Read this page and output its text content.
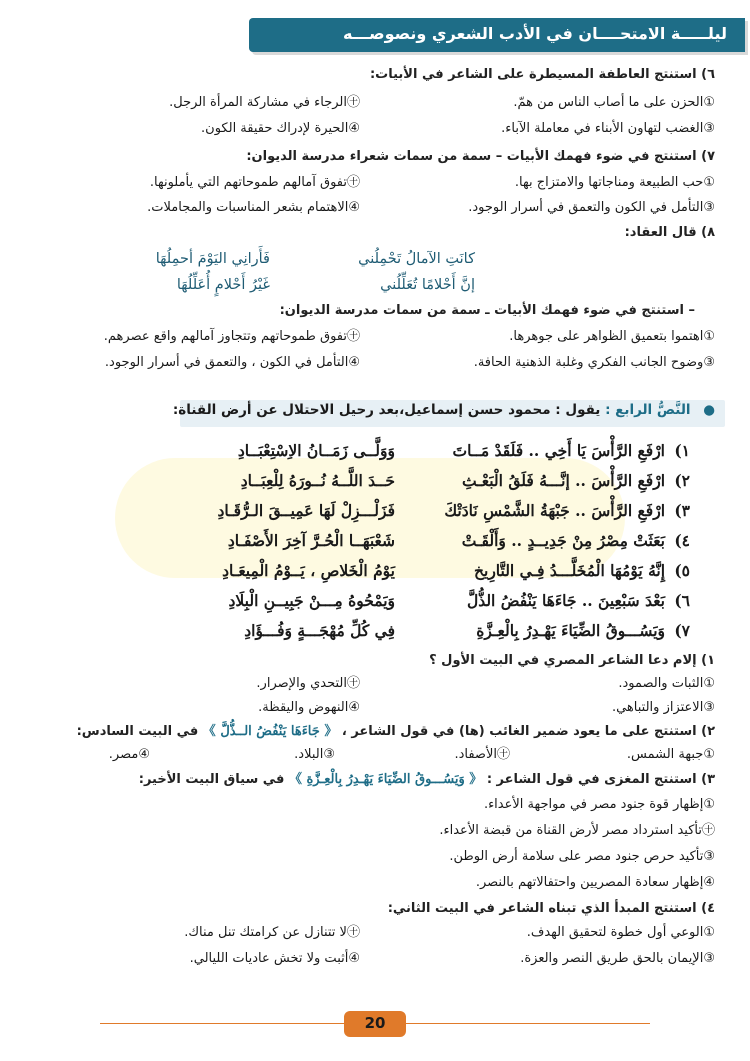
ليلـــــة الامتحــــان في الأدب الشعري ونصوصـــه
٦) استنتج العاطفة المسيطرة على الشاعر في الأبيات:
①الحزن على ما أصاب الناس من همّ.
㊉الرجاء في مشاركة المرأة الرجل.
③الغضب لتهاون الأبناء في معاملة الآباء.
④الحيرة لإدراك حقيقة الكون.
٧) استنتج في ضوء فهمك الأبيات – سمة من سمات شعراء مدرسة الديوان:
①حب الطبيعة ومناجاتها والامتزاج بها.
㊉تفوق آمالهم طموحاتهم التي يأملونها.
③التأمل في الكون والتعمق في أسرار الوجود.
④الاهتمام بشعر المناسبات والمجاملات.
٨) قال العقاد:
كانَتِ الآمالُ تَحْمِلُني
فَأَرانِي اليَوْمَ أحمِلُهَا
إنَّ أَحْلامًا تُعَلِّلُني
غَيْرُ أَحْلامٍ أُعَلِّلُهَا
– استنتج في ضوء فهمك الأبيات ـ سمة من سمات مدرسة الديوان:
①اهتموا بتعميق الظواهر على جوهرها.
㊉تفوق طموحاتهم وتتجاوز آمالهم واقع عصرهم.
③وضوح الجانب الفكري وغلبة الذهنية الحافة.
④التأمل في الكون ، والتعمق في أسرار الوجود.
● النَّصُّ الرابع : يقول : محمود حسن إسماعيل،بعد رحيل الاحتلال عن أرض القناة:
١)
ارْفَعِ الرَّأْسَ يَا أَخِي .. فَلَقَدْ مَــاتَ
وَوَلَّــى زَمَــانُ الاِسْتِعْبَــادِ
٢)
ارْفَعِ الرَّأْسَ .. إنَّـــهُ فَلَقُ الْبَعْـثِ
حَــدَ اللَّــهُ نُــورَهُ لِلْعِبَــادِ
٣)
ارْفَعِ الرَّأْسَ .. جَبْهَةُ الشَّمْسِ نَادَتْكَ
فَزَلْـــزِلْ لَهَا عَمِيــقَ الـرُّقَـادِ
٤)
بَعَثَتْ مِصْرُ مِنْ جَدِيــدٍ .. وَأَلْقَـتْ
شَعْبَهَــا الْحُـرَّ آخِرَ الأَصْفَـادِ
٥)
إِنَّهُ يَوْمُهَا الْمُخَلَّـــدُ فِـي التَّارِيخ
يَوْمُ الْخَلاصِ ، يَــوْمُ الْمِيعَـادِ
٦)
بَعْدَ سَبْعِينَ .. جَاءَهَا يَنْفُضُ الذُّلَّ
وَيَمْحُوهُ مِـــنْ جَبِيــنِ الْبِلَادِ
٧)
وَيَسُـــوقُ الضِّيَاءَ يَهْـدِرُ بِالْعِـزَّةِ
فِي كُلِّ مُهْجَـــةٍ وَفُـــؤَادِ
١) إلام دعا الشاعر المصري في البيت الأول ؟
①الثبات والصمود.
㊉التحدي والإصرار.
③الاعتزاز والتباهي.
④النهوض واليقظة.
٢) استنتج على ما يعود ضمير الغائب (ها) في قول الشاعر ، 《 جَاءَهَا يَنْفُضُ الــذُّلَّ 》 في البيت السادس:
①جبهة الشمس.
㊉الأصفاد.
③البلاد.
④مصر.
٣) استنتج المغزى في قول الشاعر : 《 وَيَسُـــوقُ الضِّيَاءَ يَهْـدِرُ بِالْعِـزَّةِ 》 في سياق البيت الأخير:
①إظهار قوة جنود مصر في مواجهة الأعداء.
㊉تأكيد استرداد مصر لأرض القناة من قبضة الأعداء.
③تأكيد حرص جنود مصر على سلامة أرض الوطن.
④إظهار سعادة المصريين واحتفالاتهم بالنصر.
٤) استنتج المبدأ الذي تبناه الشاعر في البيت الثاني:
①الوعي أول خطوة لتحقيق الهدف.
㊉لا تتنازل عن كرامتك تنل مناك.
③الإيمان بالحق طريق النصر والعزة.
④أثبت ولا تخش عاديات الليالي.
20
